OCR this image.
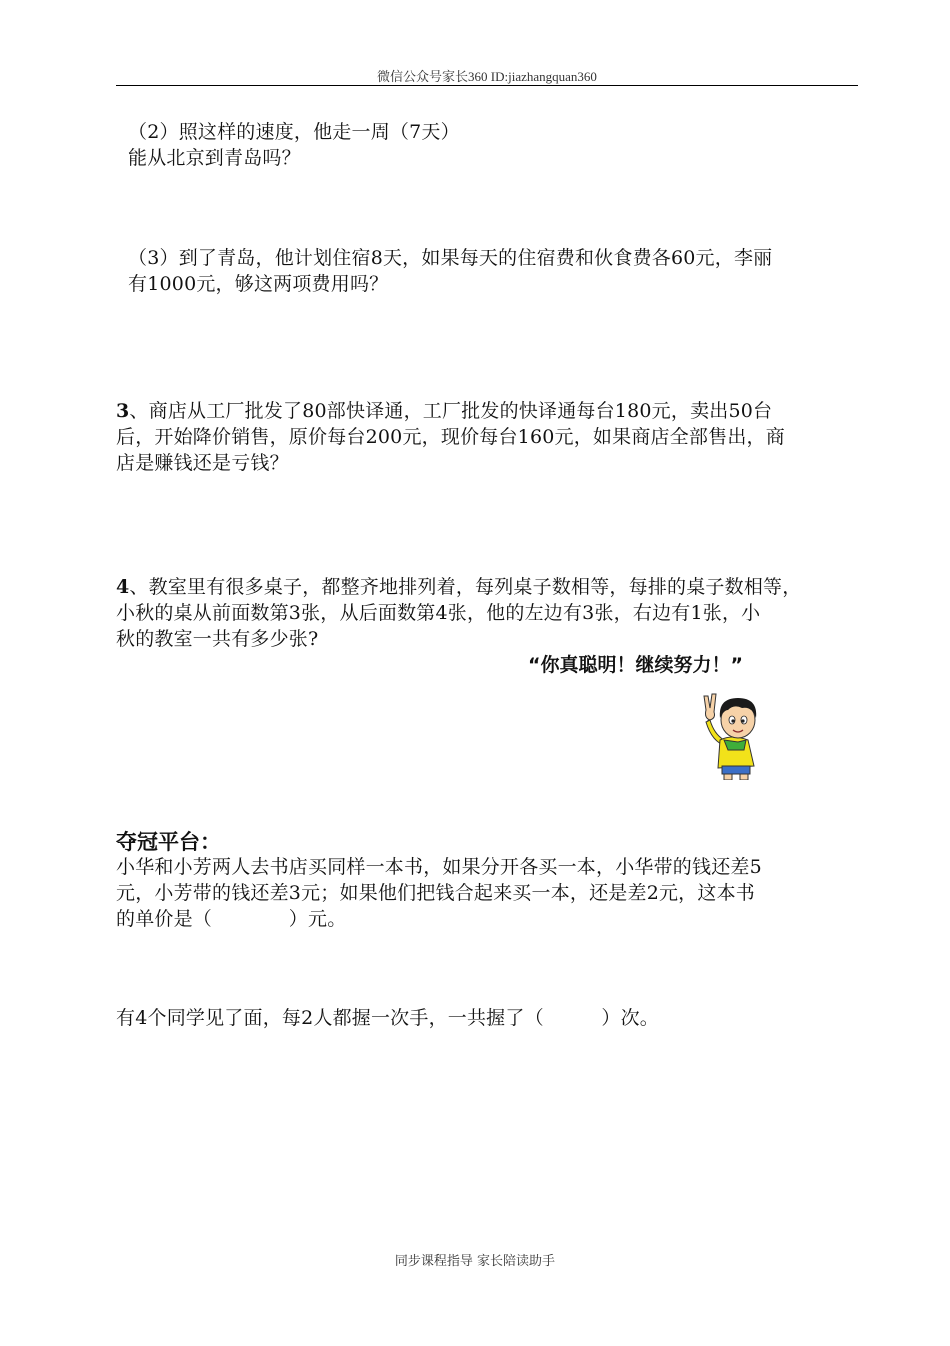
微信公众号家长360 ID:jiazhangquan360
（2）照这样的速度，他走一周（7天）
能从北京到青岛吗？
（3）到了青岛，他计划住宿8天，如果每天的住宿费和伙食费各60元，李丽
有1000元，够这两项费用吗？
3、商店从工厂批发了80部快译通，工厂批发的快译通每台180元，卖出50台
后，开始降价销售，原价每台200元，现价每台160元，如果商店全部售出，商
店是赚钱还是亏钱？
4、教室里有很多桌子，都整齐地排列着，每列桌子数相等，每排的桌子数相等，
小秋的桌从前面数第3张，从后面数第4张，他的左边有3张，右边有1张，小
秋的教室一共有多少张?
“你真聪明！继续努力！”
夺冠平台：
小华和小芳两人去书店买同样一本书，如果分开各买一本，小华带的钱还差5
元，小芳带的钱还差3元；如果他们把钱合起来买一本，还是差2元，这本书
的单价是（　　　　）元。
有4个同学见了面，每2人都握一次手，一共握了（　　　）次。
同步课程指导 家长陪读助手
